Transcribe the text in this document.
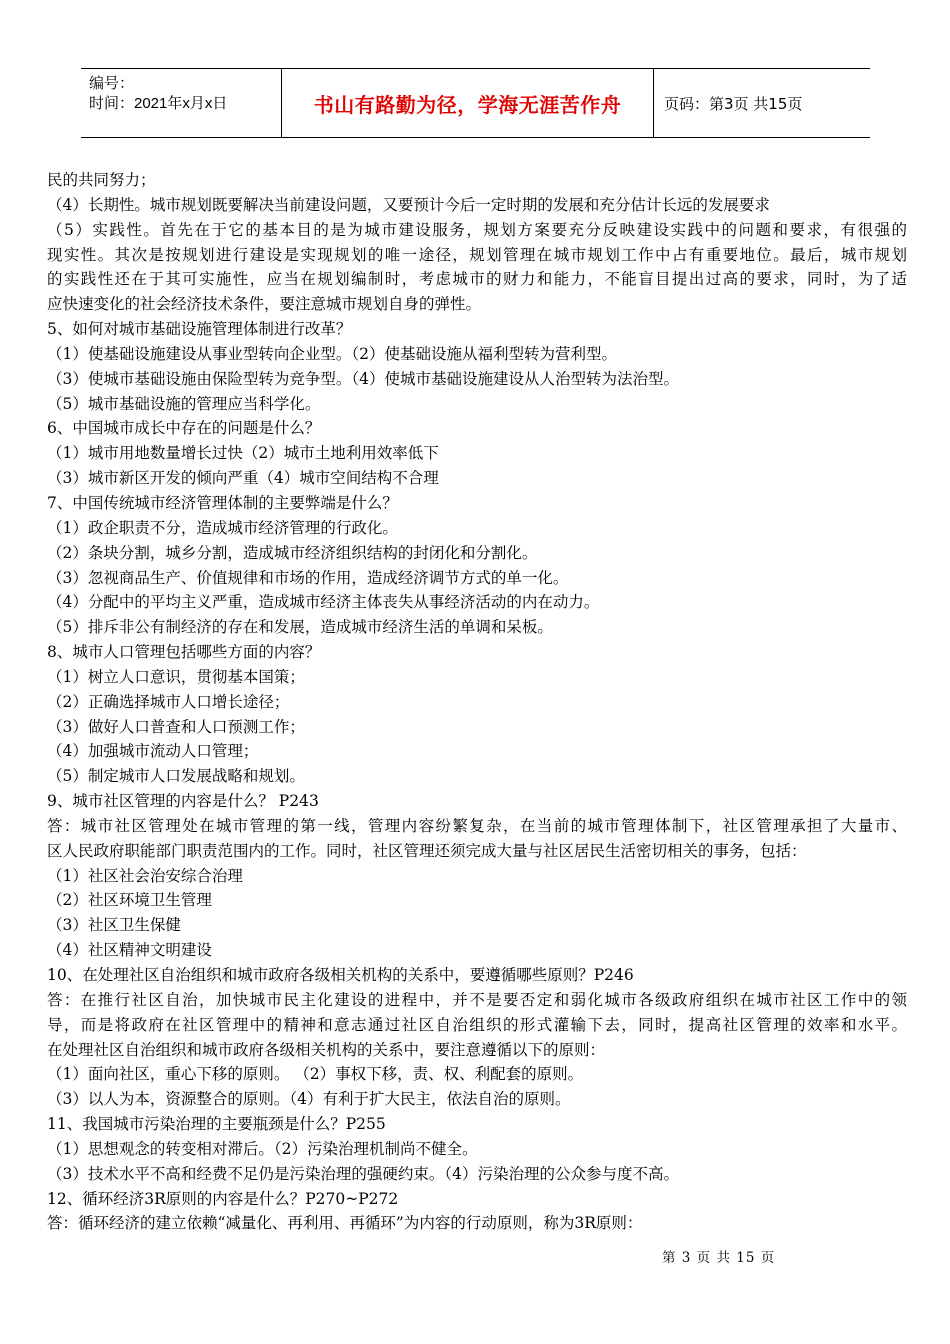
编号：
时间：2021年x月x日	书山有路勤为径，学海无涯苦作舟	页码：第3页 共15页
民的共同努力；
（4）长期性。城市规划既要解决当前建设问题，又要预计今后一定时期的发展和充分估计长远的发展要求
（5）实践性。首先在于它的基本目的是为城市建设服务，规划方案要充分反映建设实践中的问题和要求，有很强的
现实性。其次是按规划进行建设是实现规划的唯一途径，规划管理在城市规划工作中占有重要地位。最后，城市规划
的实践性还在于其可实施性，应当在规划编制时，考虑城市的财力和能力，不能盲目提出过高的要求，同时，为了适
应快速变化的社会经济技术条件，要注意城市规划自身的弹性。
5、如何对城市基础设施管理体制进行改革？
（1）使基础设施建设从事业型转向企业型。（2）使基础设施从福利型转为营利型。
（3）使城市基础设施由保险型转为竞争型。（4）使城市基础设施建设从人治型转为法治型。
（5）城市基础设施的管理应当科学化。
6、中国城市成长中存在的问题是什么？
（1）城市用地数量增长过快（2）城市土地利用效率低下
（3）城市新区开发的倾向严重（4）城市空间结构不合理
7、中国传统城市经济管理体制的主要弊端是什么？
（1）政企职责不分，造成城市经济管理的行政化。
（2）条块分割，城乡分割，造成城市经济组织结构的封闭化和分割化。
（3）忽视商品生产、价值规律和市场的作用，造成经济调节方式的单一化。
（4）分配中的平均主义严重，造成城市经济主体丧失从事经济活动的内在动力。
（5）排斥非公有制经济的存在和发展，造成城市经济生活的单调和呆板。
8、城市人口管理包括哪些方面的内容？
（1）树立人口意识，贯彻基本国策；
（2）正确选择城市人口增长途径；
（3）做好人口普查和人口预测工作；
（4）加强城市流动人口管理；
（5）制定城市人口发展战略和规划。
9、城市社区管理的内容是什么？ P243
答：城市社区管理处在城市管理的第一线，管理内容纷繁复杂，在当前的城市管理体制下，社区管理承担了大量市、
区人民政府职能部门职责范围内的工作。同时，社区管理还须完成大量与社区居民生活密切相关的事务，包括：
（1）社区社会治安综合治理
（2）社区环境卫生管理
（3）社区卫生保健
（4）社区精神文明建设
10、在处理社区自治组织和城市政府各级相关机构的关系中，要遵循哪些原则？P246
答：在推行社区自治，加快城市民主化建设的进程中，并不是要否定和弱化城市各级政府组织在城市社区工作中的领
导，而是将政府在社区管理中的精神和意志通过社区自治组织的形式灌输下去，同时，提高社区管理的效率和水平。
在处理社区自治组织和城市政府各级相关机构的关系中，要注意遵循以下的原则：
（1）面向社区，重心下移的原则。 （2）事权下移，责、权、利配套的原则。
（3）以人为本，资源整合的原则。（4）有利于扩大民主，依法自治的原则。
11、我国城市污染治理的主要瓶颈是什么？P255
（1）思想观念的转变相对滞后。（2）污染治理机制尚不健全。
（3）技术水平不高和经费不足仍是污染治理的强硬约束。（4）污染治理的公众参与度不高。
12、循环经济3R原则的内容是什么？P270~P272
答：循环经济的建立依赖“减量化、再利用、再循环”为内容的行动原则，称为3R原则：
第 3 页 共 15 页
